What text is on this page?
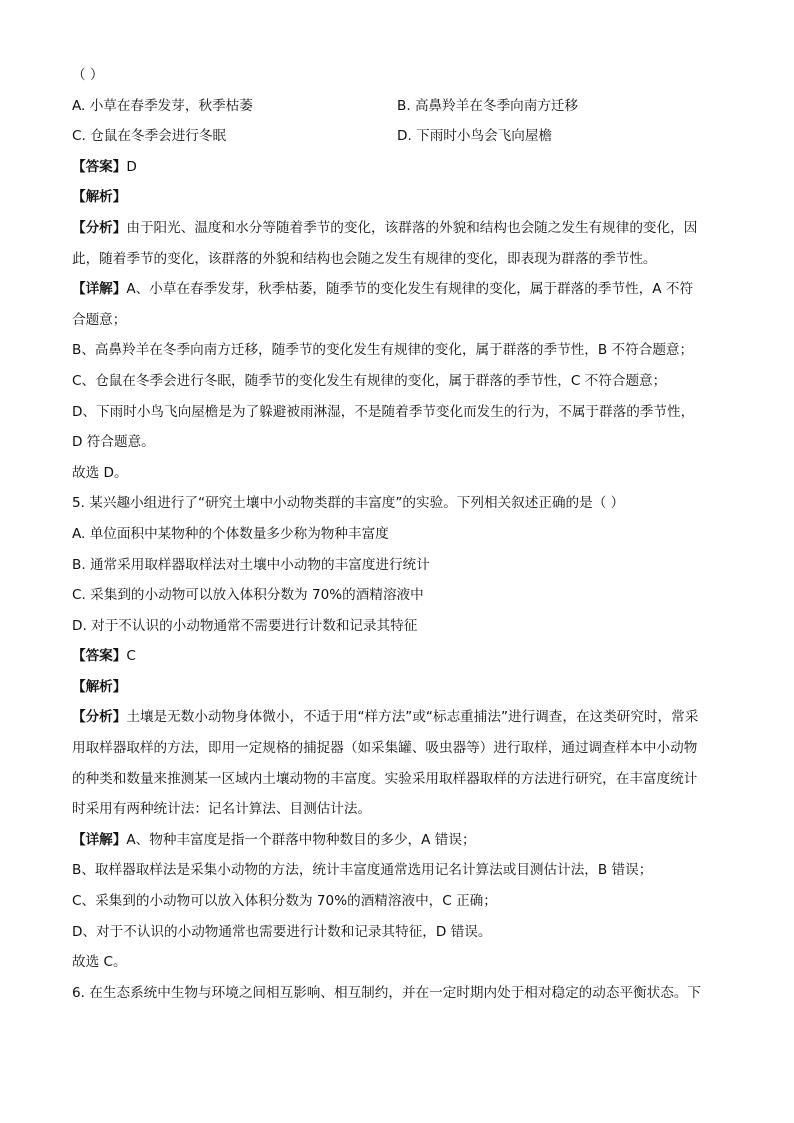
（ ）
A. 小草在春季发芽，秋季枯萎	B. 高鼻羚羊在冬季向南方迁移
C. 仓鼠在冬季会进行冬眠	D. 下雨时小鸟会飞向屋檐
【答案】D
【解析】
【分析】由于阳光、温度和水分等随着季节的变化，该群落的外貌和结构也会随之发生有规律的变化，因
此，随着季节的变化，该群落的外貌和结构也会随之发生有规律的变化，即表现为群落的季节性。
【详解】A、小草在春季发芽，秋季枯萎，随季节的变化发生有规律的变化，属于群落的季节性，A 不符
合题意；
B、高鼻羚羊在冬季向南方迁移，随季节的变化发生有规律的变化，属于群落的季节性，B 不符合题意；
C、仓鼠在冬季会进行冬眠，随季节的变化发生有规律的变化，属于群落的季节性，C 不符合题意；
D、下雨时小鸟飞向屋檐是为了躲避被雨淋湿，不是随着季节变化而发生的行为，不属于群落的季节性，
D 符合题意。
故选 D。
5. 某兴趣小组进行了“研究土壤中小动物类群的丰富度”的实验。下列相关叙述正确的是（ ）
A. 单位面积中某物种的个体数量多少称为物种丰富度
B. 通常采用取样器取样法对土壤中小动物的丰富度进行统计
C. 采集到的小动物可以放入体积分数为 70%的酒精溶液中
D. 对于不认识的小动物通常不需要进行计数和记录其特征
【答案】C
【解析】
【分析】土壤是无数小动物身体微小，不适于用“样方法”或“标志重捕法”进行调查，在这类研究时，常采
用取样器取样的方法，即用一定规格的捕捉器（如采集罐、吸虫器等）进行取样，通过调查样本中小动物
的种类和数量来推测某一区域内土壤动物的丰富度。实验采用取样器取样的方法进行研究，在丰富度统计
时采用有两种统计法：记名计算法、目测估计法。
【详解】A、物种丰富度是指一个群落中物种数目的多少，A 错误；
B、取样器取样法是采集小动物的方法，统计丰富度通常选用记名计算法或目测估计法，B 错误；
C、采集到的小动物可以放入体积分数为 70%的酒精溶液中，C 正确；
D、对于不认识的小动物通常也需要进行计数和记录其特征，D 错误。
故选 C。
6. 在生态系统中生物与环境之间相互影响、相互制约，并在一定时期内处于相对稳定的动态平衡状态。下
